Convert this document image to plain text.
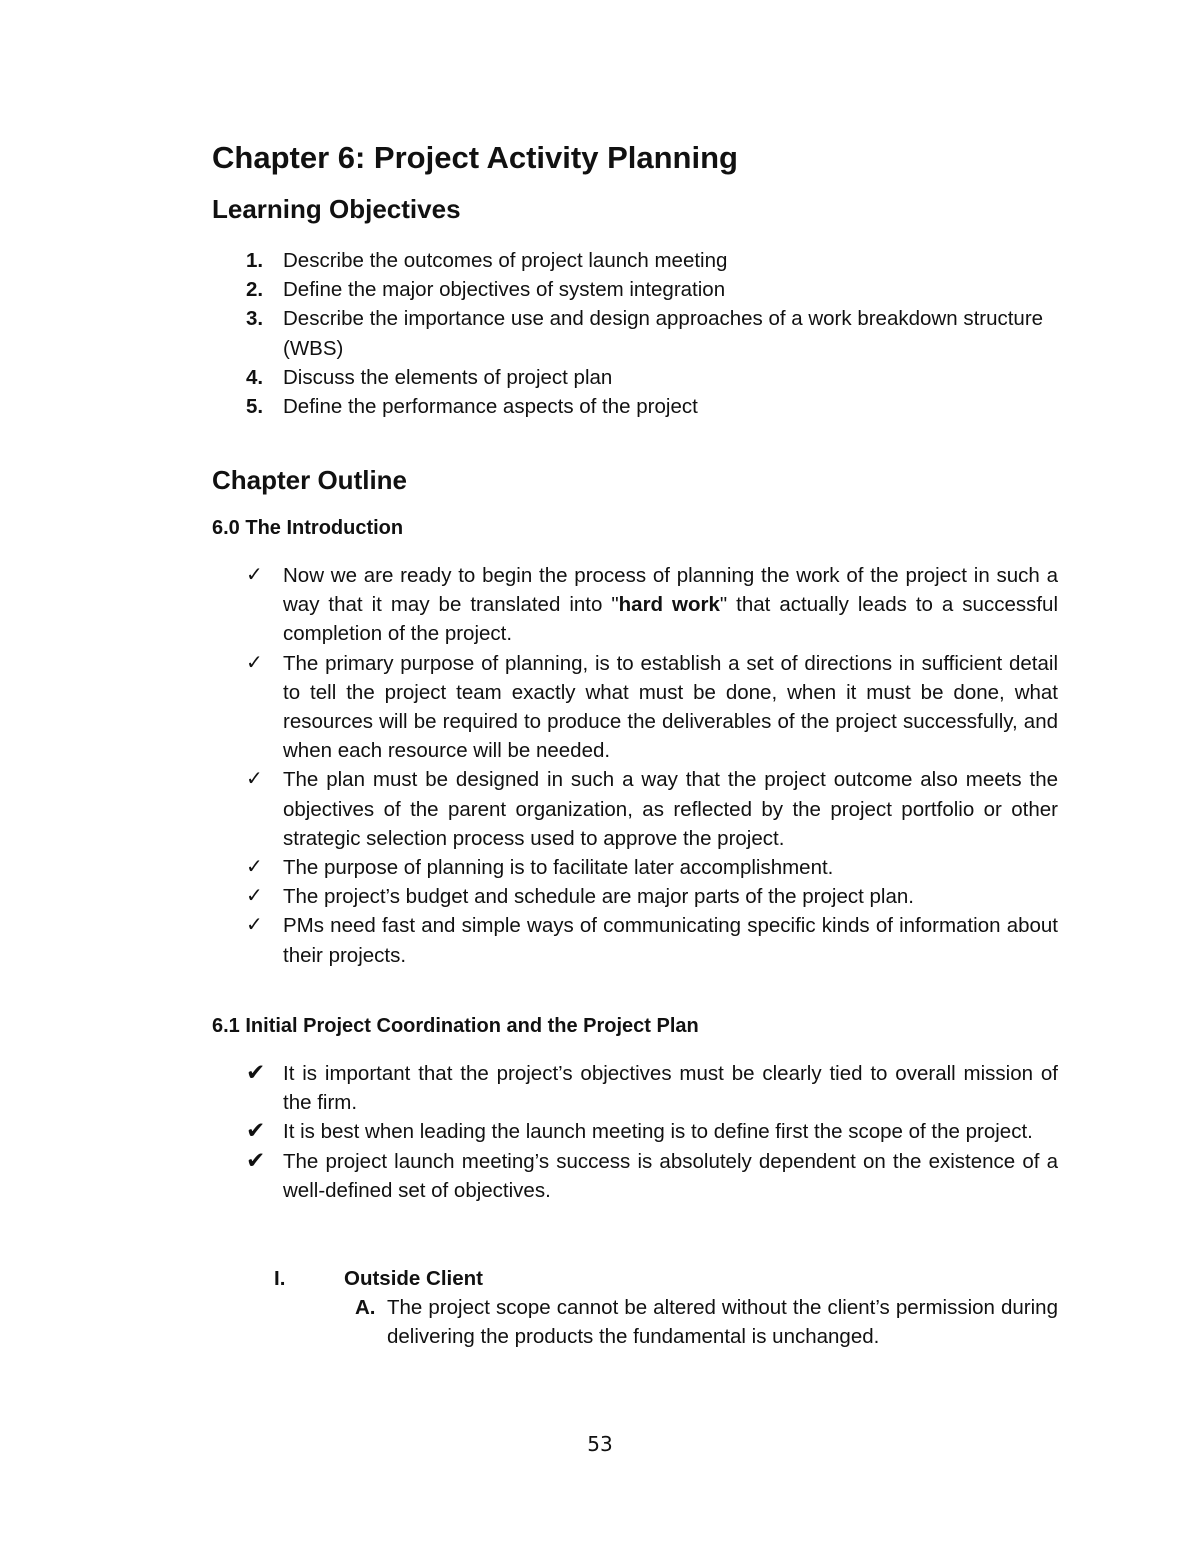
Chapter 6: Project Activity Planning
Learning Objectives
1. Describe the outcomes of project launch meeting
2. Define the major objectives of system integration
3. Describe the importance use and design approaches of a work breakdown structure (WBS)
4. Discuss the elements of project plan
5. Define the performance aspects of the project
Chapter Outline
6.0 The Introduction
✓ Now we are ready to begin the process of planning the work of the project in such a way that it may be translated into "hard work" that actually leads to a successful completion of the project.
✓ The primary purpose of planning, is to establish a set of directions in sufficient detail to tell the project team exactly what must be done, when it must be done, what resources will be required to produce the deliverables of the project successfully, and when each resource will be needed.
✓ The plan must be designed in such a way that the project outcome also meets the objectives of the parent organization, as reflected by the project portfolio or other strategic selection process used to approve the project.
✓ The purpose of planning is to facilitate later accomplishment.
✓ The project’s budget and schedule are major parts of the project plan.
✓ PMs need fast and simple ways of communicating specific kinds of information about their projects.
6.1 Initial Project Coordination and the Project Plan
✔ It is important that the project’s objectives must be clearly tied to overall mission of the firm.
✔ It is best when leading the launch meeting is to define first the scope of the project.
✔ The project launch meeting’s success is absolutely dependent on the existence of a well-defined set of objectives.
I.	Outside Client
A. The project scope cannot be altered without the client’s permission during delivering the products the fundamental is unchanged.
53
